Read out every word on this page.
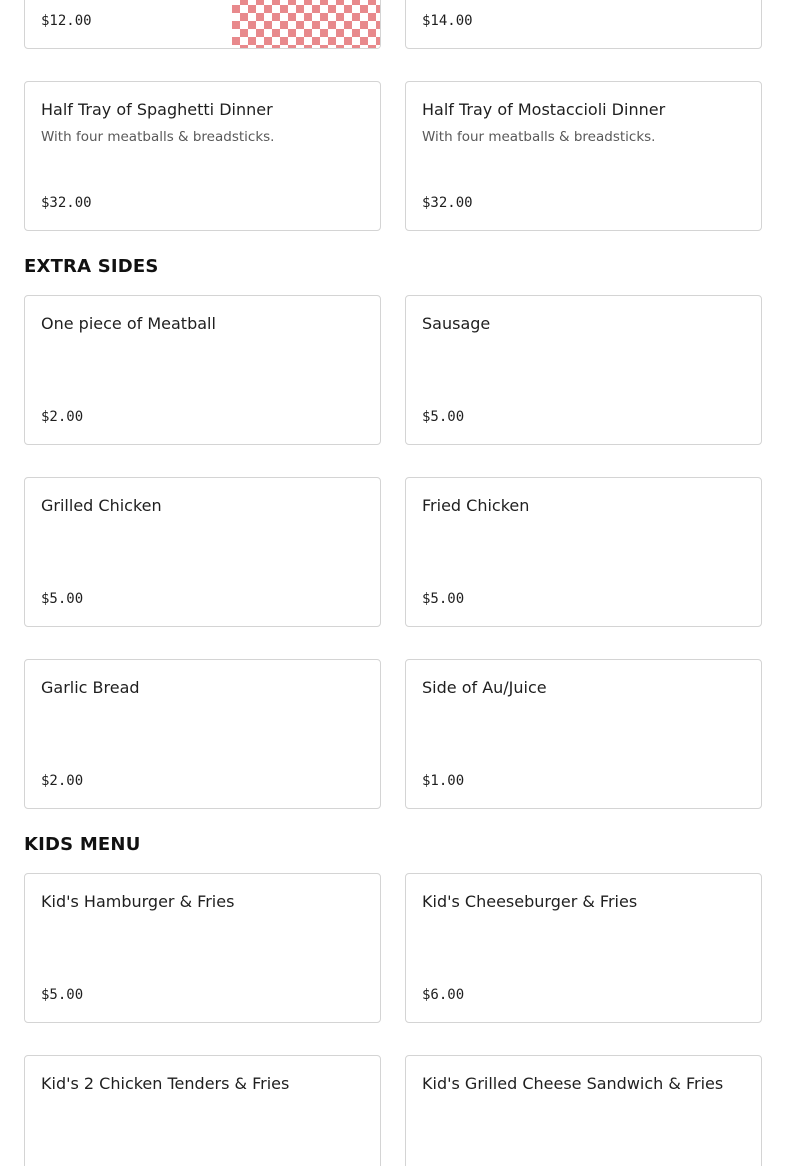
$12.00	$14.00
Half Tray of Spaghetti Dinner
With four meatballs & breadsticks.
$32.00
Half Tray of Mostaccioli Dinner
With four meatballs & breadsticks.
$32.00
EXTRA SIDES
One piece of Meatball
$2.00
Sausage
$5.00
Grilled Chicken
$5.00
Fried Chicken
$5.00
Garlic Bread
$2.00
Side of Au/Juice
$1.00
KIDS MENU
Kid's Hamburger & Fries
$5.00
Kid's Cheeseburger & Fries
$6.00
Kid's 2 Chicken Tenders & Fries	Kid's Grilled Cheese Sandwich & Fries
